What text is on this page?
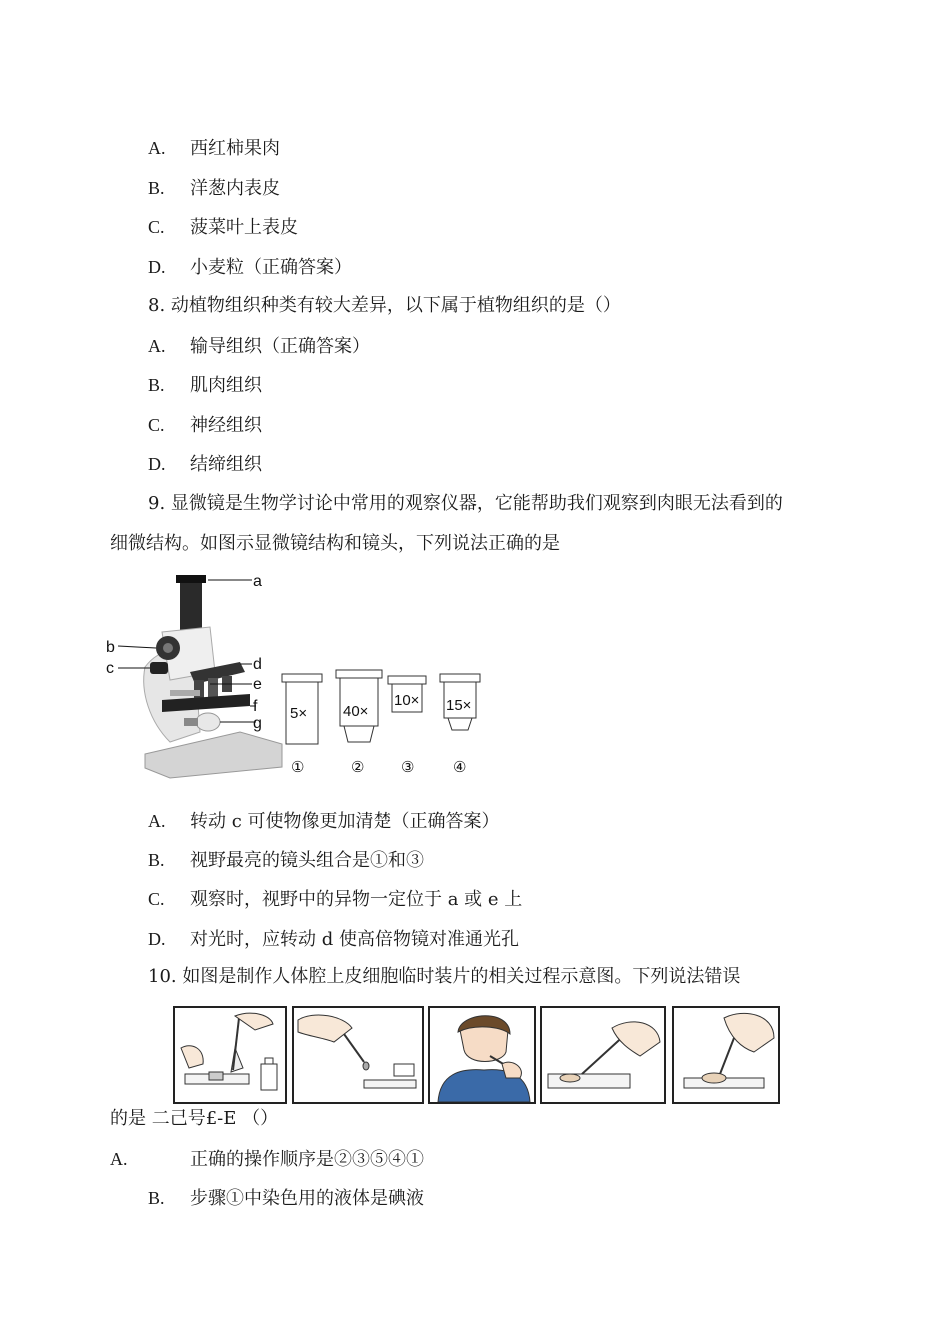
A. 西红柿果肉
B. 洋葱内表皮
C. 菠菜叶上表皮
D. 小麦粒（正确答案）
8. 动植物组织种类有较大差异，以下属于植物组织的是（）
A. 输导组织（正确答案）
B. 肌肉组织
C. 神经组织
D. 结缔组织
9. 显微镜是生物学讨论中常用的观察仪器，它能帮助我们观察到肉眼无法看到的
细微结构。如图示显微镜结构和镜头，下列说法正确的是
a
b
c	d
e
f
g
5×
①
40×
②
10×
③
15×
④
A. 转动 c 可使物像更加清楚（正确答案）
B. 视野最亮的镜头组合是①和③
C. 观察时，视野中的异物一定位于 a 或 e 上
D. 对光时，应转动 d 使高倍物镜对准通光孔
10. 如图是制作人体腔上皮细胞临时装片的相关过程示意图。下列说法错误
的是 二己号£-E （）
A.	正确的操作顺序是②③⑤④①
B. 步骤①中染色用的液体是碘液
